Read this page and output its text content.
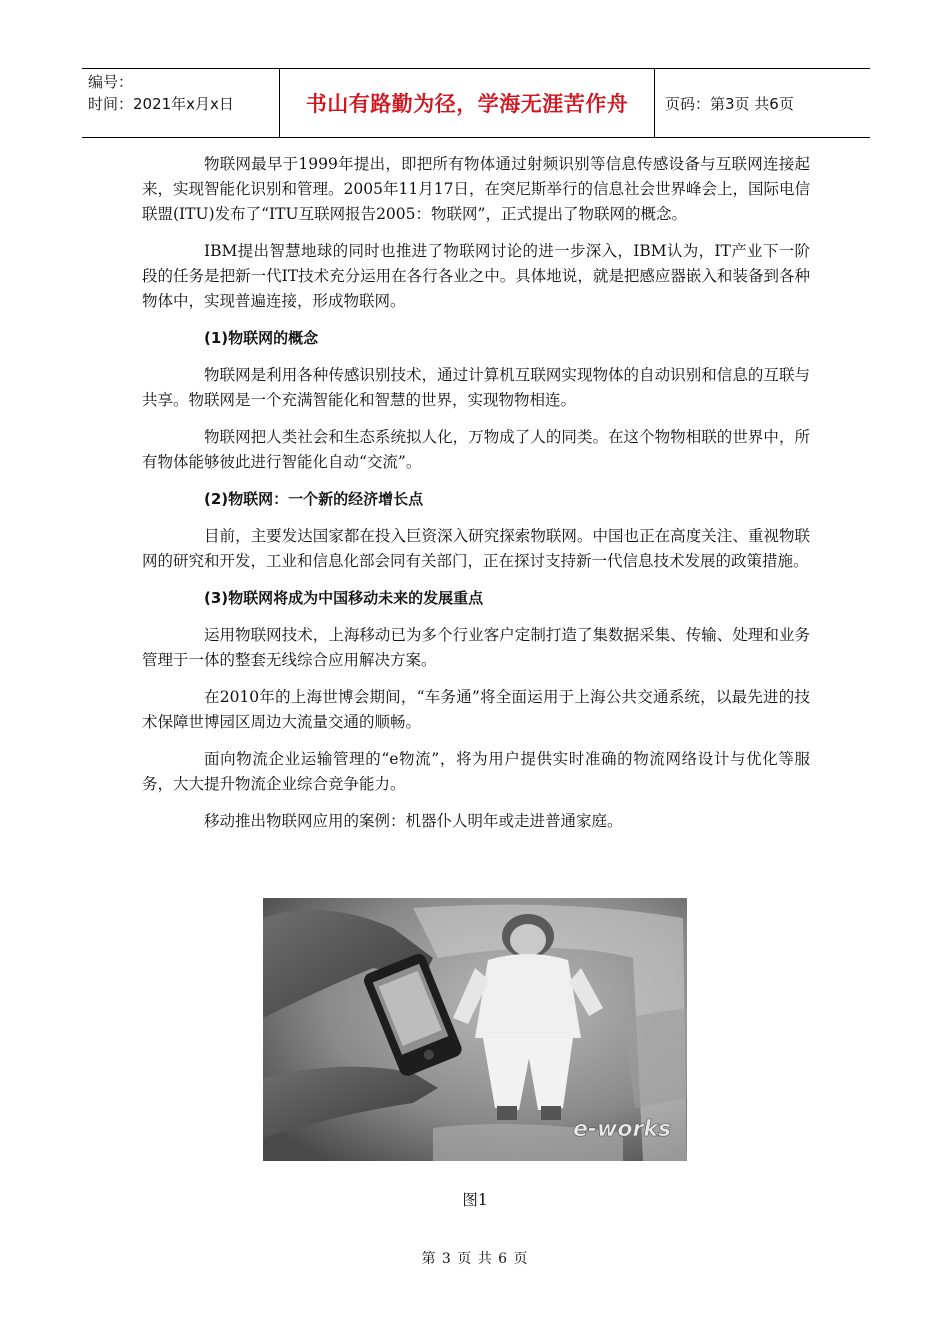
编号：
时间：2021年x月x日	书山有路勤为径，学海无涯苦作舟	页码：第3页 共6页

物联网最早于1999年提出，即把所有物体通过射频识别等信息传感设备与互联网连接起来，实现智能化识别和管理。2005年11月17日，在突尼斯举行的信息社会世界峰会上，国际电信联盟(ITU)发布了“ITU互联网报告2005：物联网”，正式提出了物联网的概念。

IBM提出智慧地球的同时也推进了物联网讨论的进一步深入，IBM认为，IT产业下一阶段的任务是把新一代IT技术充分运用在各行各业之中。具体地说，就是把感应器嵌入和装备到各种物体中，实现普遍连接，形成物联网。

(1)物联网的概念

物联网是利用各种传感识别技术，通过计算机互联网实现物体的自动识别和信息的互联与共享。物联网是一个充满智能化和智慧的世界，实现物物相连。

物联网把人类社会和生态系统拟人化，万物成了人的同类。在这个物物相联的世界中，所有物体能够彼此进行智能化自动“交流”。

(2)物联网：一个新的经济增长点

目前，主要发达国家都在投入巨资深入研究探索物联网。中国也正在高度关注、重视物联网的研究和开发，工业和信息化部会同有关部门，正在探讨支持新一代信息技术发展的政策措施。

(3)物联网将成为中国移动未来的发展重点

运用物联网技术，上海移动已为多个行业客户定制打造了集数据采集、传输、处理和业务管理于一体的整套无线综合应用解决方案。

在2010年的上海世博会期间，“车务通”将全面运用于上海公共交通系统，以最先进的技术保障世博园区周边大流量交通的顺畅。

面向物流企业运输管理的“e物流”，将为用户提供实时准确的物流网络设计与优化等服务，大大提升物流企业综合竞争能力。

移动推出物联网应用的案例：机器仆人明年或走进普通家庭。

e-works
图1
第 3 页 共 6 页
